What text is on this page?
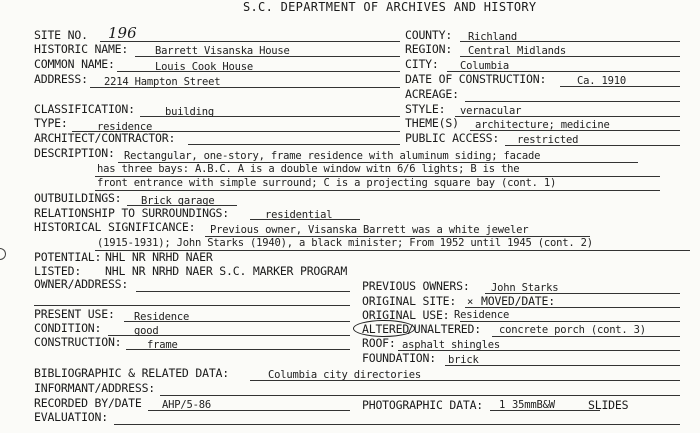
S.C. DEPARTMENT OF ARCHIVES AND HISTORY
SITE NO. 196
HISTORIC NAME:	Barrett Visanska House
COMMON NAME:	Louis Cook House
ADDRESS: 2214 Hampton Street
CLASSIFICATION:	building
TYPE:	residence
ARCHITECT/CONTRACTOR:
DESCRIPTION: Rectangular, one-story, frame residence with aluminum siding; facade
has three bays: A.B.C. A is a double window witn 6/6 lights; B is the
front entrance with simple surround; C is a projecting square bay (cont. 1)
OUTBUILDINGS: Brick garage
RELATIONSHIP TO SURROUNDINGS:	residential
HISTORICAL SIGNIFICANCE: Previous owner, Visanska Barrett was a white jeweler
(1915-1931); John Starks (1940), a black minister; From 1952 until 1945 (cont. 2)
POTENTIAL: NHL NR NRHD NAER
LISTED: NHL NR NRHD NAER S.C. MARKER PROGRAM
OWNER/ADDRESS:
PRESENT USE: Residence
CONDITION:	good
CONSTRUCTION: frame
BIBLIOGRAPHIC & RELATED DATA:	Columbia city directories
INFORMANT/ADDRESS:
RECORDED BY/DATE AHP/5-86
EVALUATION:
COUNTY: Richland
REGION: Central Midlands
CITY: Columbia
DATE OF CONSTRUCTION:	Ca. 1910
ACREAGE:
STYLE: vernacular
THEME(S) architecture; medicine
PUBLIC ACCESS: restricted
PREVIOUS OWNERS: John Starks
ORIGINAL SITE: × MOVED/DATE:
ORIGINAL USE: Residence
ALTERED
/UNALTERED: concrete porch (cont. 3)
ROOF: asphalt shingles
FOUNDATION: brick
PHOTOGRAPHIC DATA: 1 35mmB&W	SLIDES
